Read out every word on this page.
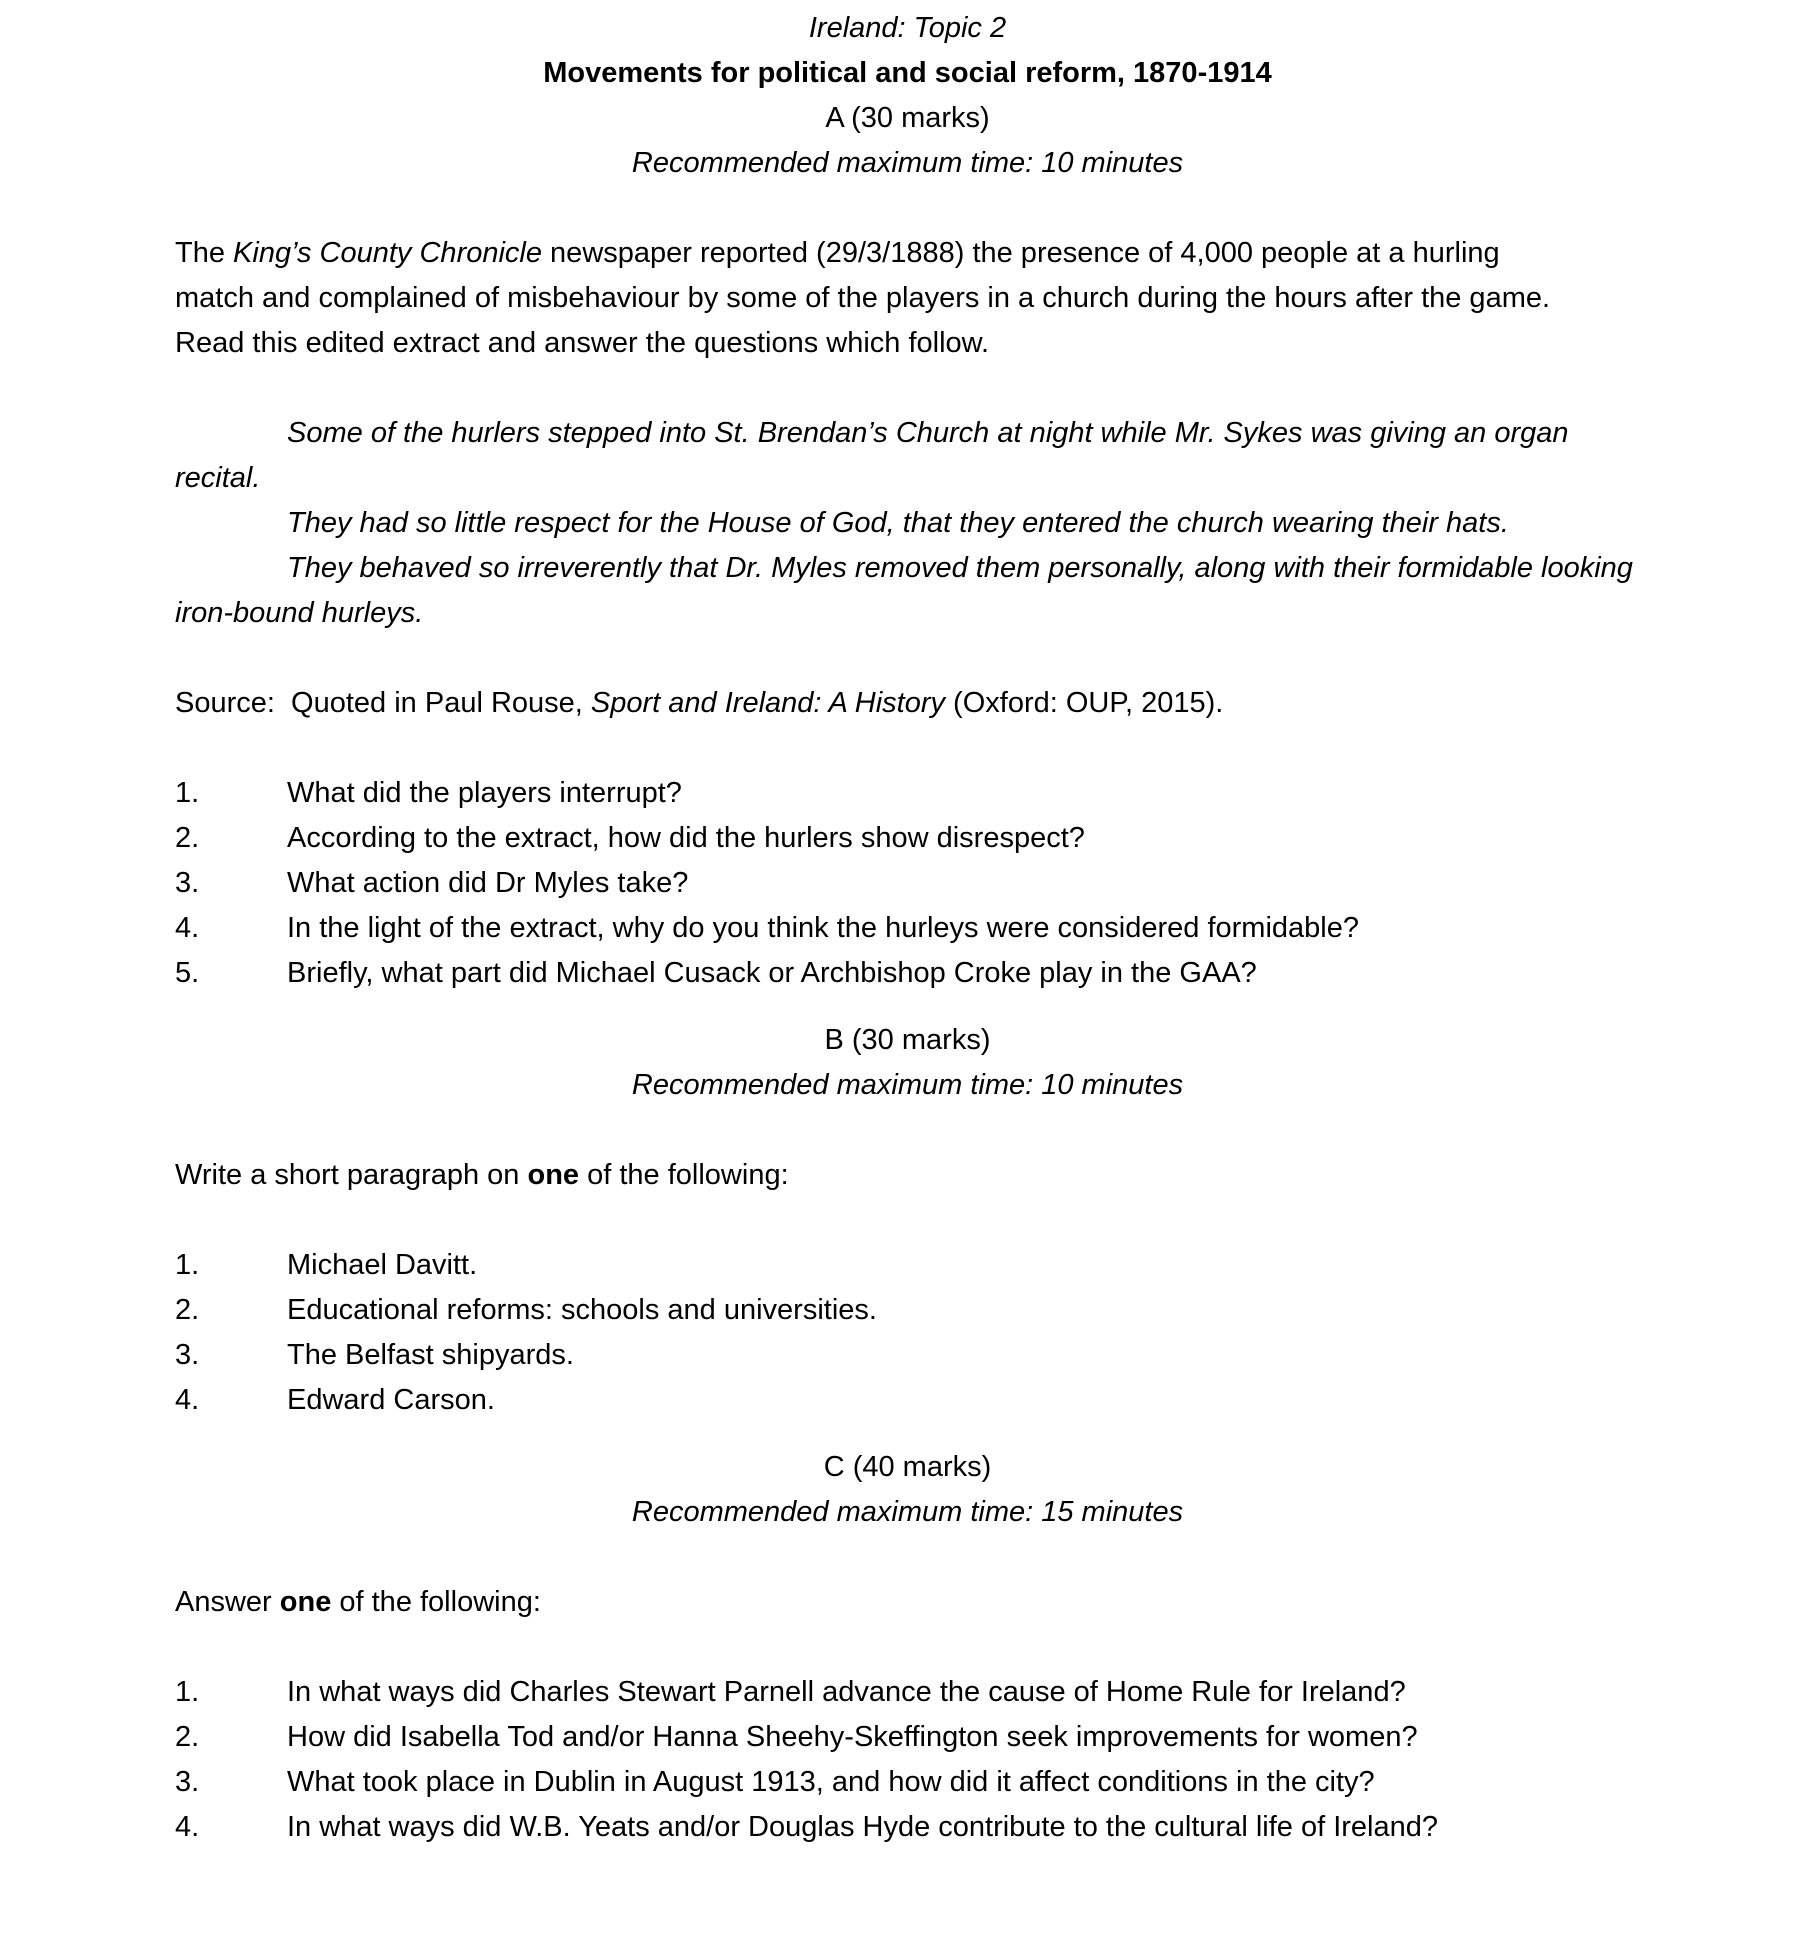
Ireland: Topic 2

Movements for political and social reform, 1870-1914

A (30 marks)

Recommended maximum time: 10 minutes

The King’s County Chronicle newspaper reported (29/3/1888) the presence of 4,000 people at a hurling match and complained of misbehaviour by some of the players in a church during the hours after the game.  Read this edited extract and answer the questions which follow.

Some of the hurlers stepped into St. Brendan’s Church at night while Mr. Sykes was giving an organ recital.

They had so little respect for the House of God, that they entered the church wearing their hats.

They behaved so irreverently that Dr. Myles removed them personally, along with their formidable looking iron-bound hurleys.

Source:  Quoted in Paul Rouse, Sport and Ireland: A History (Oxford: OUP, 2015).
1.	What did the players interrupt?
2.	According to the extract, how did the hurlers show disrespect?
3.	What action did Dr Myles take?
4.	In the light of the extract, why do you think the hurleys were considered formidable?
5.	Briefly, what part did Michael Cusack or Archbishop Croke play in the GAA?

B (30 marks)

Recommended maximum time: 10 minutes

Write a short paragraph on one of the following:
1.	Michael Davitt.
2.	Educational reforms: schools and universities.
3.	The Belfast shipyards.
4.	Edward Carson.

C (40 marks)

Recommended maximum time: 15 minutes

Answer one of the following:
1.	In what ways did Charles Stewart Parnell advance the cause of Home Rule for Ireland?
2.	How did Isabella Tod and/or Hanna Sheehy-Skeffington seek improvements for women?
3.	What took place in Dublin in August 1913, and how did it affect conditions in the city?
4.	In what ways did W.B. Yeats and/or Douglas Hyde contribute to the cultural life of Ireland?
